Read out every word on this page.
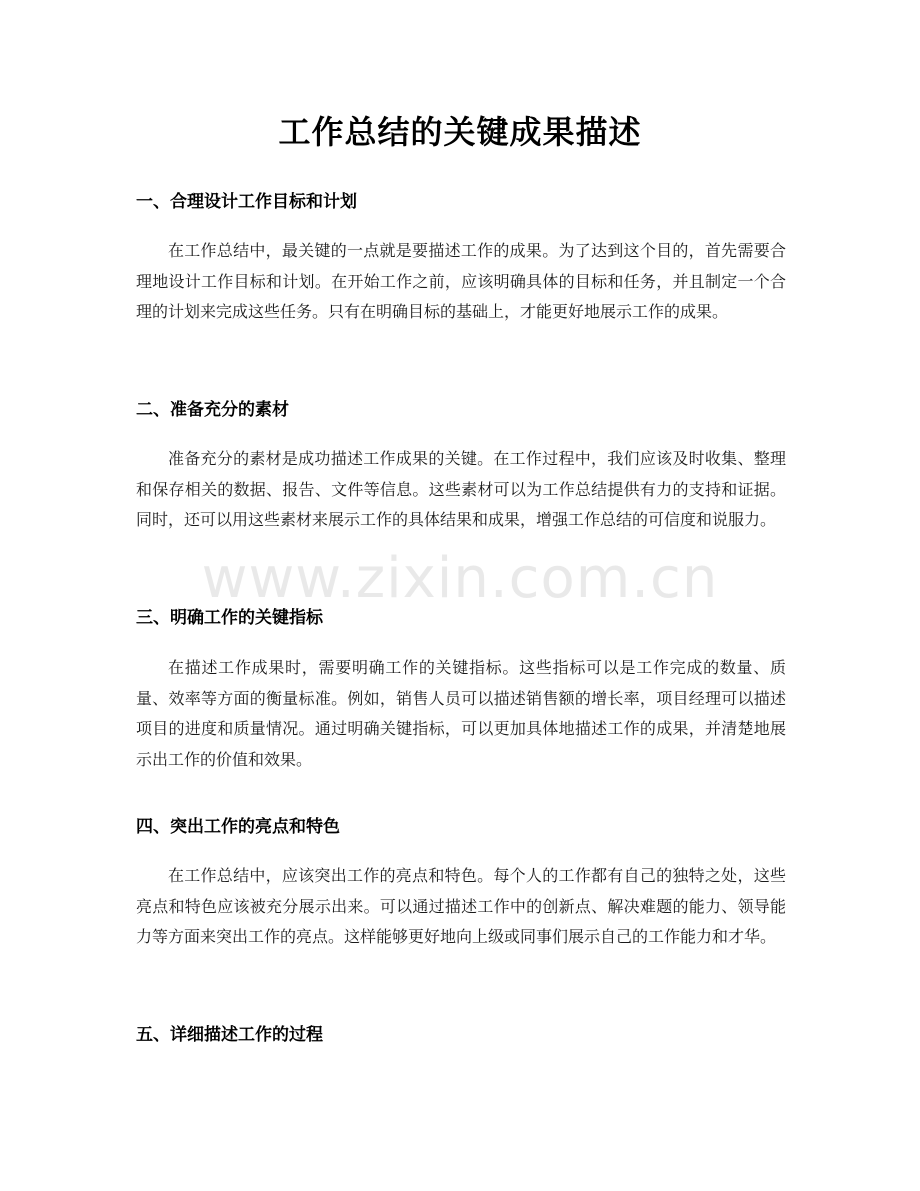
工作总结的关键成果描述
一、合理设计工作目标和计划

在工作总结中，最关键的一点就是要描述工作的成果。为了达到这个目的，首先需要合理地设计工作目标和计划。在开始工作之前，应该明确具体的目标和任务，并且制定一个合理的计划来完成这些任务。只有在明确目标的基础上，才能更好地展示工作的成果。

二、准备充分的素材

准备充分的素材是成功描述工作成果的关键。在工作过程中，我们应该及时收集、整理和保存相关的数据、报告、文件等信息。这些素材可以为工作总结提供有力的支持和证据。同时，还可以用这些素材来展示工作的具体结果和成果，增强工作总结的可信度和说服力。

三、明确工作的关键指标

在描述工作成果时，需要明确工作的关键指标。这些指标可以是工作完成的数量、质量、效率等方面的衡量标准。例如，销售人员可以描述销售额的增长率，项目经理可以描述项目的进度和质量情况。通过明确关键指标，可以更加具体地描述工作的成果，并清楚地展示出工作的价值和效果。

四、突出工作的亮点和特色

在工作总结中，应该突出工作的亮点和特色。每个人的工作都有自己的独特之处，这些亮点和特色应该被充分展示出来。可以通过描述工作中的创新点、解决难题的能力、领导能力等方面来突出工作的亮点。这样能够更好地向上级或同事们展示自己的工作能力和才华。

五、详细描述工作的过程
www.zixin.com.cn
